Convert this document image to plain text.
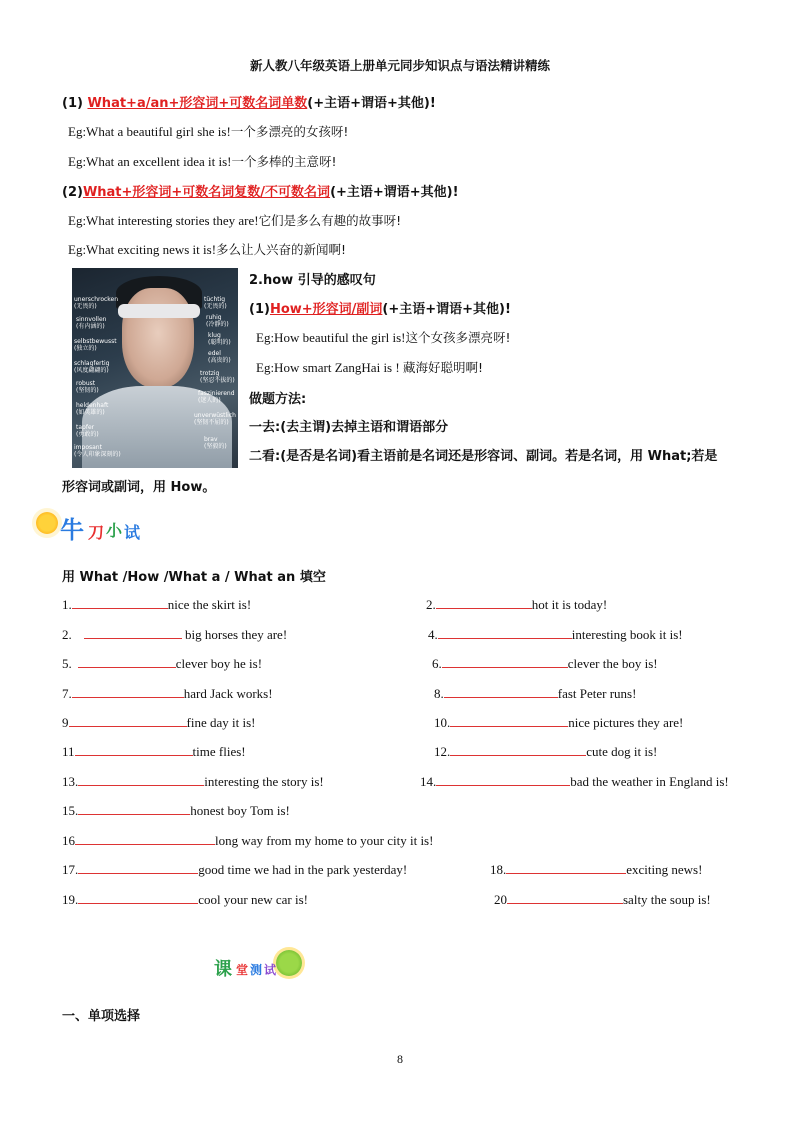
新人教八年级英语上册单元同步知识点与语法精讲精练
(1) What+a/an+形容词+可数名词单数(+主语+谓语+其他)!
Eg:What a beautiful girl she is!一个多漂亮的女孩呀!
Eg:What an excellent idea it is!一个多棒的主意呀!
(2)What+形容词+可数名词复数/不可数名词(+主语+谓语+其他)!
Eg:What interesting stories they are!它们是多么有趣的故事呀!
Eg:What exciting news it is!多么让人兴奋的新闻啊!
unerschrocken
(无畏的)
sinnvollen
(有内涵的)
selbstbewusst
(独立的)
schlagfertig
(风度翩翩的)
robust
(坚韧的)
heldenhaft
(如英雄的)
tapfer
(勇敢的)
imposant
(令人印象深刻的)
tüchtig
(无畏的)
ruhig
(冷静的)
klug
(聪明的)
edel
(高贵的)
trotzig
(坚忍不拔的)
faszinierend
(迷人的)
unverwüstlich
(坚韧不屈的)
brav
(坚毅的)
2.how 引导的感叹句
(1)How+形容词/副词(+主语+谓语+其他)!
Eg:How beautiful the girl is!这个女孩多漂亮呀!
Eg:How smart ZangHai is ! 藏海好聪明啊!
做题方法:
一去:(去主谓)去掉主语和谓语部分
二看:(是否是名词)看主语前是名词还是形容词、副词。若是名词，用 What;若是
形容词或副词，用 How。
牛 刀 小 试
用 What /How /What a / What an 填空
1.	nice the skirt is!	2.	hot it is today!
2.	big horses they are!	4.	interesting book it is!
5.	clever boy he is!	6.	clever the boy is!
7.	hard Jack works!	8.	fast Peter runs!
9	fine day it is!	10.	nice pictures they are!
11	time flies!	12.	cute dog it is!
13.	interesting the story is!	14.	bad the weather in England is!
15.	honest boy Tom is!
16	long way from my home to your city it is!
17.	good time we had in the park yesterday!	18.	exciting news!
19.	cool your new car is!	20	salty the soup is!
课 堂 测 试
一、单项选择
8
